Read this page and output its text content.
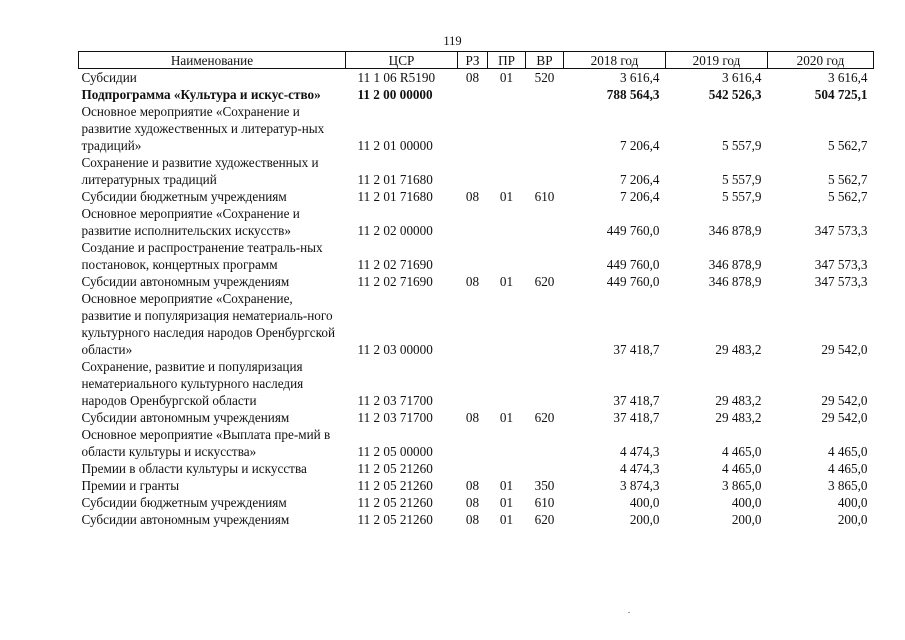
119
Наименование	ЦСР	РЗ	ПР	ВР	2018 год	2019 год	2020 год
Субсидии	11 1 06 R5190	08	01	520	3 616,4	3 616,4	3 616,4
Подпрограмма «Культура и искус-ство»	11 2 00 00000				788 564,3	542 526,3	504 725,1
Основное мероприятие «Сохранение и развитие художественных и литератур-ных традиций»	11 2 01 00000				7 206,4	5 557,9	5 562,7
Сохранение и развитие художественных и литературных традиций	11 2 01 71680				7 206,4	5 557,9	5 562,7
Субсидии бюджетным учреждениям	11 2 01 71680	08	01	610	7 206,4	5 557,9	5 562,7
Основное мероприятие «Сохранение и развитие исполнительских искусств»	11 2 02 00000				449 760,0	346 878,9	347 573,3
Создание и распространение театраль-ных постановок, концертных программ	11 2 02 71690				449 760,0	346 878,9	347 573,3
Субсидии автономным учреждениям	11 2 02 71690	08	01	620	449 760,0	346 878,9	347 573,3
Основное мероприятие «Сохранение, развитие и популяризация нематериаль-ного культурного наследия народов Оренбургской области»	11 2 03 00000				37 418,7	29 483,2	29 542,0
Сохранение, развитие и популяризация нематериального культурного наследия народов Оренбургской области	11 2 03 71700				37 418,7	29 483,2	29 542,0
Субсидии автономным учреждениям	11 2 03 71700	08	01	620	37 418,7	29 483,2	29 542,0
Основное мероприятие «Выплата пре-мий в области культуры и искусства»	11 2 05 00000				4 474,3	4 465,0	4 465,0
Премии в области культуры и искусства	11 2 05 21260				4 474,3	4 465,0	4 465,0
Премии и гранты	11 2 05 21260	08	01	350	3 874,3	3 865,0	3 865,0
Субсидии бюджетным учреждениям	11 2 05 21260	08	01	610	400,0	400,0	400,0
Субсидии автономным учреждениям	11 2 05 21260	08	01	620	200,0	200,0	200,0
